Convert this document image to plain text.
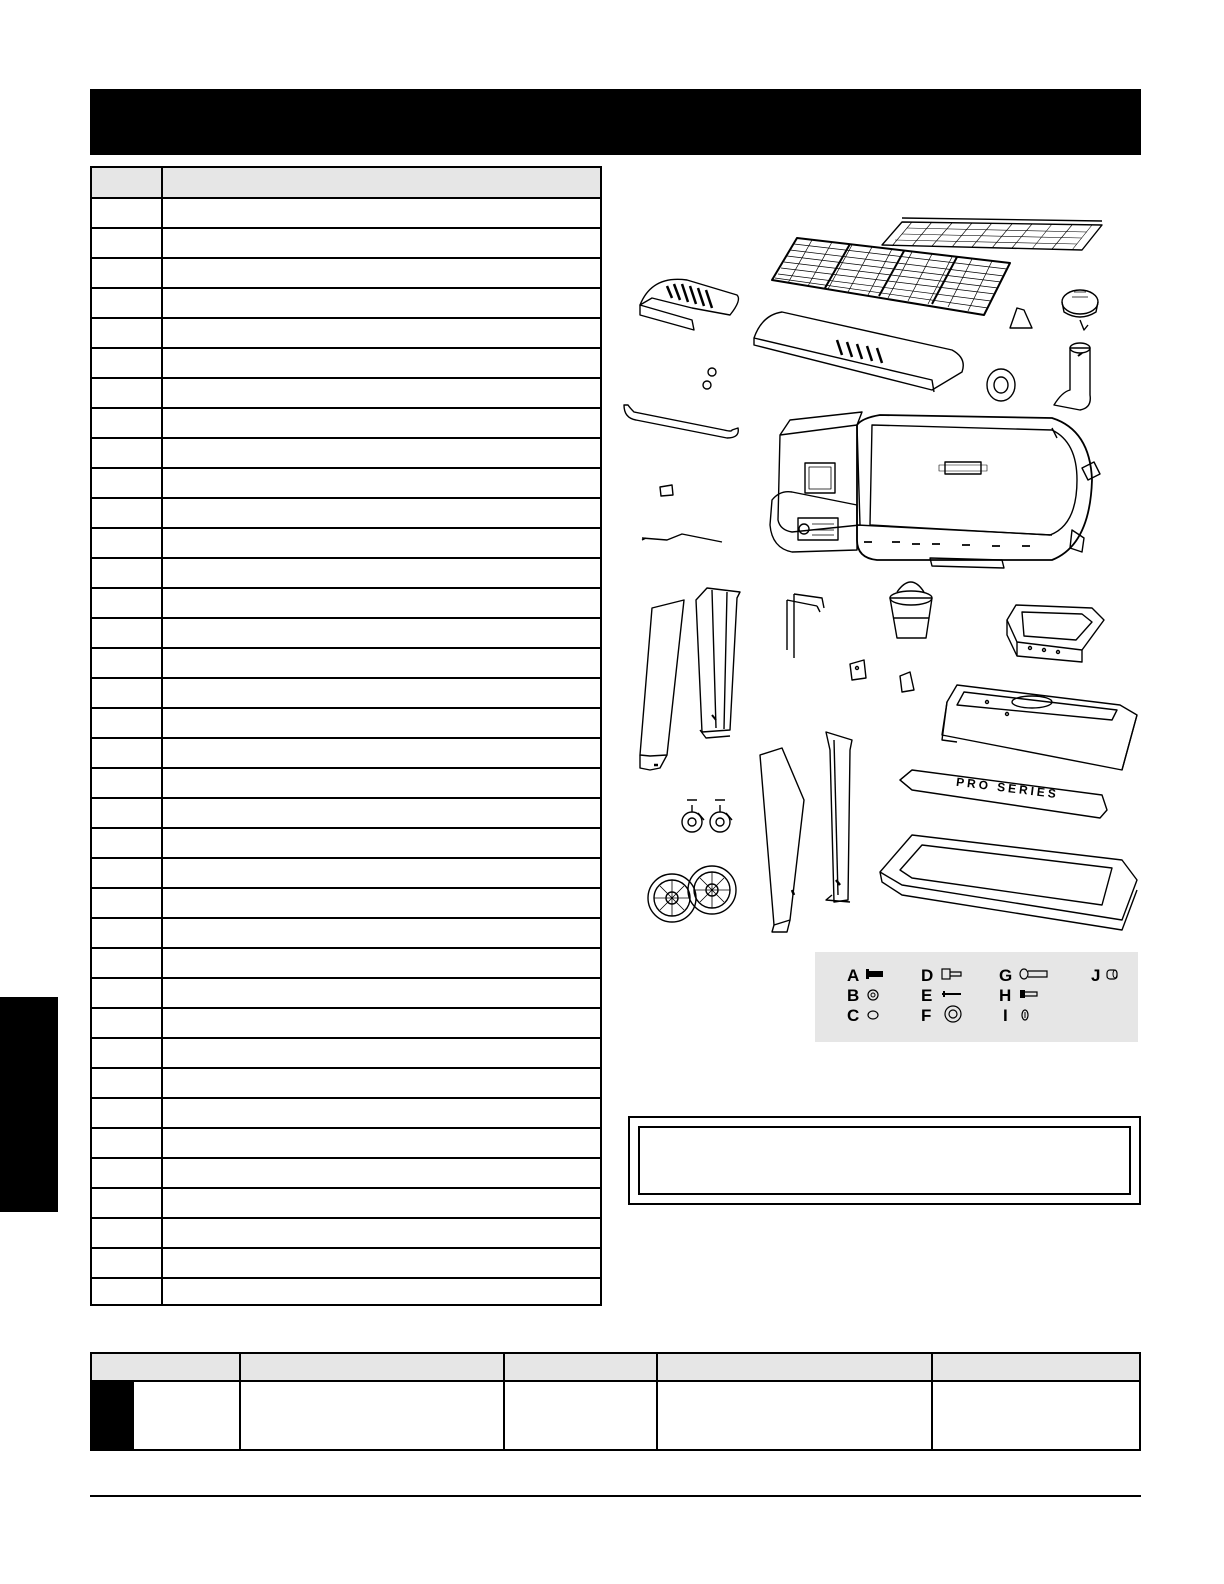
PRO SERIES
A
B
C
D
E
F
G
H
I
J
